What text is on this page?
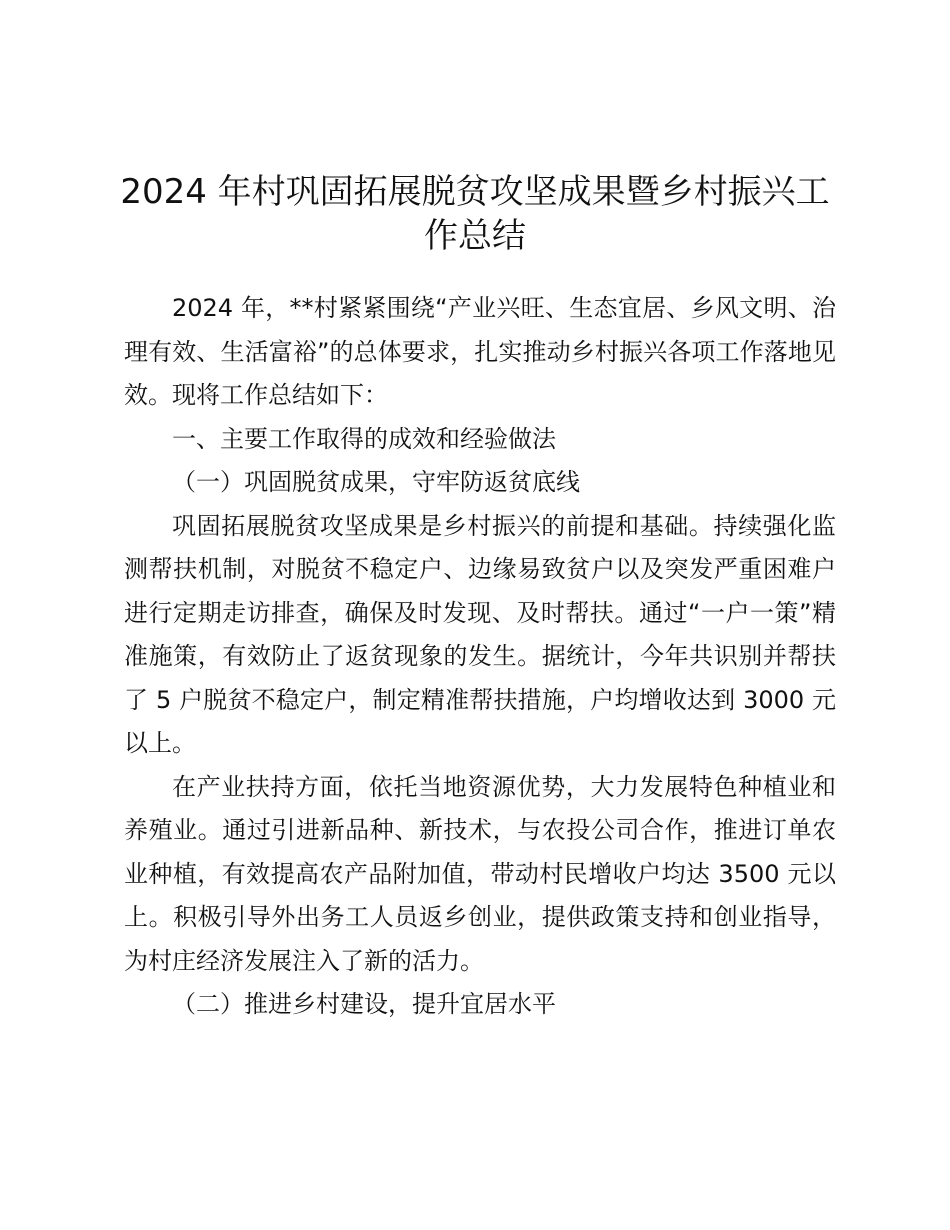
2024 年村巩固拓展脱贫攻坚成果暨乡村振兴工作总结

2024 年，**村紧紧围绕“产业兴旺、生态宜居、乡风文明、治理有效、生活富裕”的总体要求，扎实推动乡村振兴各项工作落地见效。现将工作总结如下：

一、主要工作取得的成效和经验做法

（一）巩固脱贫成果，守牢防返贫底线

巩固拓展脱贫攻坚成果是乡村振兴的前提和基础。持续强化监测帮扶机制，对脱贫不稳定户、边缘易致贫户以及突发严重困难户进行定期走访排查，确保及时发现、及时帮扶。通过“一户一策”精准施策，有效防止了返贫现象的发生。据统计，今年共识别并帮扶了 5 户脱贫不稳定户，制定精准帮扶措施，户均增收达到 3000 元以上。

在产业扶持方面，依托当地资源优势，大力发展特色种植业和养殖业。通过引进新品种、新技术，与农投公司合作，推进订单农业种植，有效提高农产品附加值，带动村民增收户均达 3500 元以上。积极引导外出务工人员返乡创业，提供政策支持和创业指导，为村庄经济发展注入了新的活力。

（二）推进乡村建设，提升宜居水平
